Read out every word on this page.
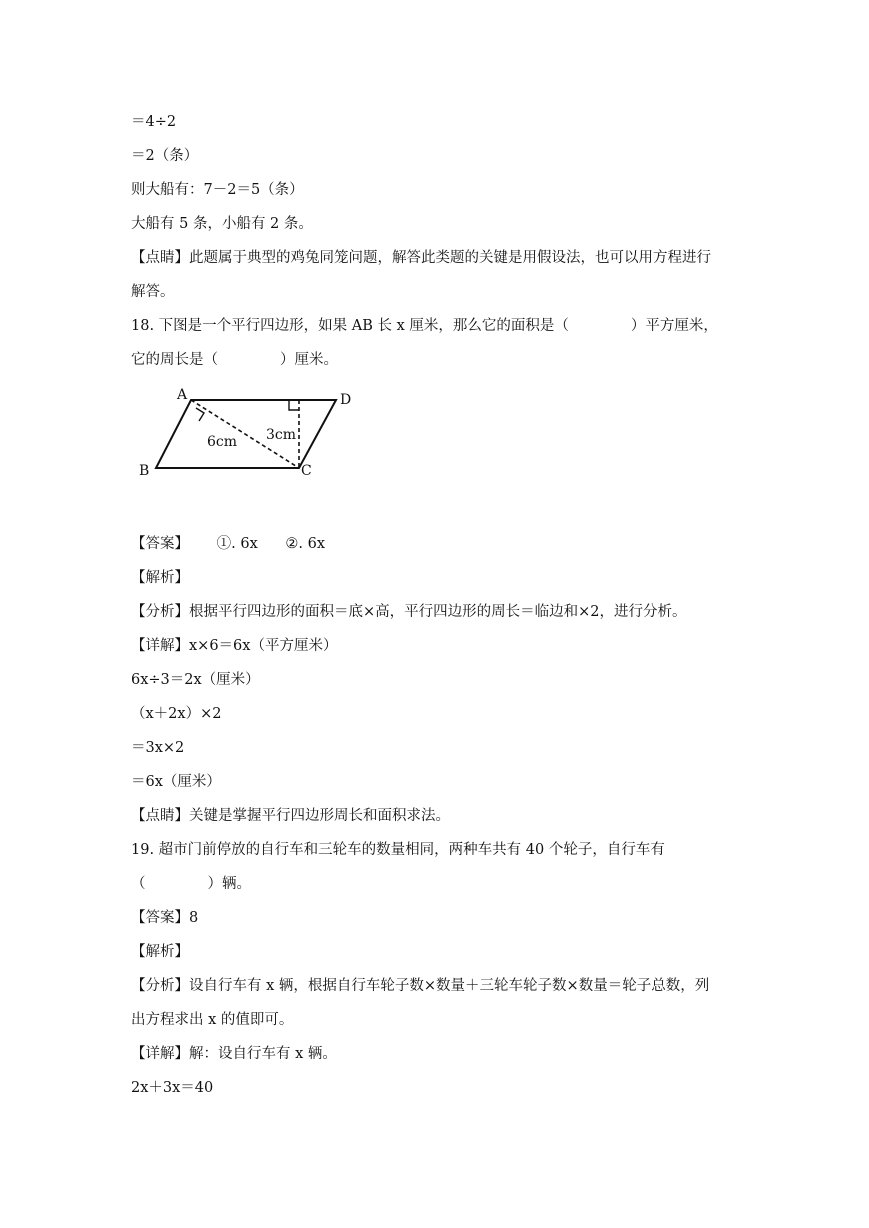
＝4÷2
＝2（条）
则大船有：7－2＝5（条）
大船有 5 条，小船有 2 条。
【点睛】此题属于典型的鸡兔同笼问题，解答此类题的关键是用假设法，也可以用方程进行
解答。
18. 下图是一个平行四边形，如果 AB 长 x 厘米，那么它的面积是（	）平方厘米，
它的周长是（	）厘米。
A
B	C
D
6cm 3cm
【答案】      ①. 6x      ②. 6x
【解析】
【分析】根据平行四边形的面积＝底×高，平行四边形的周长＝临边和×2，进行分析。
【详解】x×6＝6x（平方厘米）
6x÷3＝2x（厘米）
（x＋2x）×2
＝3x×2
＝6x（厘米）
【点睛】关键是掌握平行四边形周长和面积求法。
19. 超市门前停放的自行车和三轮车的数量相同，两种车共有 40 个轮子，自行车有
（	）辆。
【答案】8
【解析】
【分析】设自行车有 x 辆，根据自行车轮子数×数量＋三轮车轮子数×数量＝轮子总数，列
出方程求出 x 的值即可。
【详解】解：设自行车有 x 辆。
2x＋3x＝40
